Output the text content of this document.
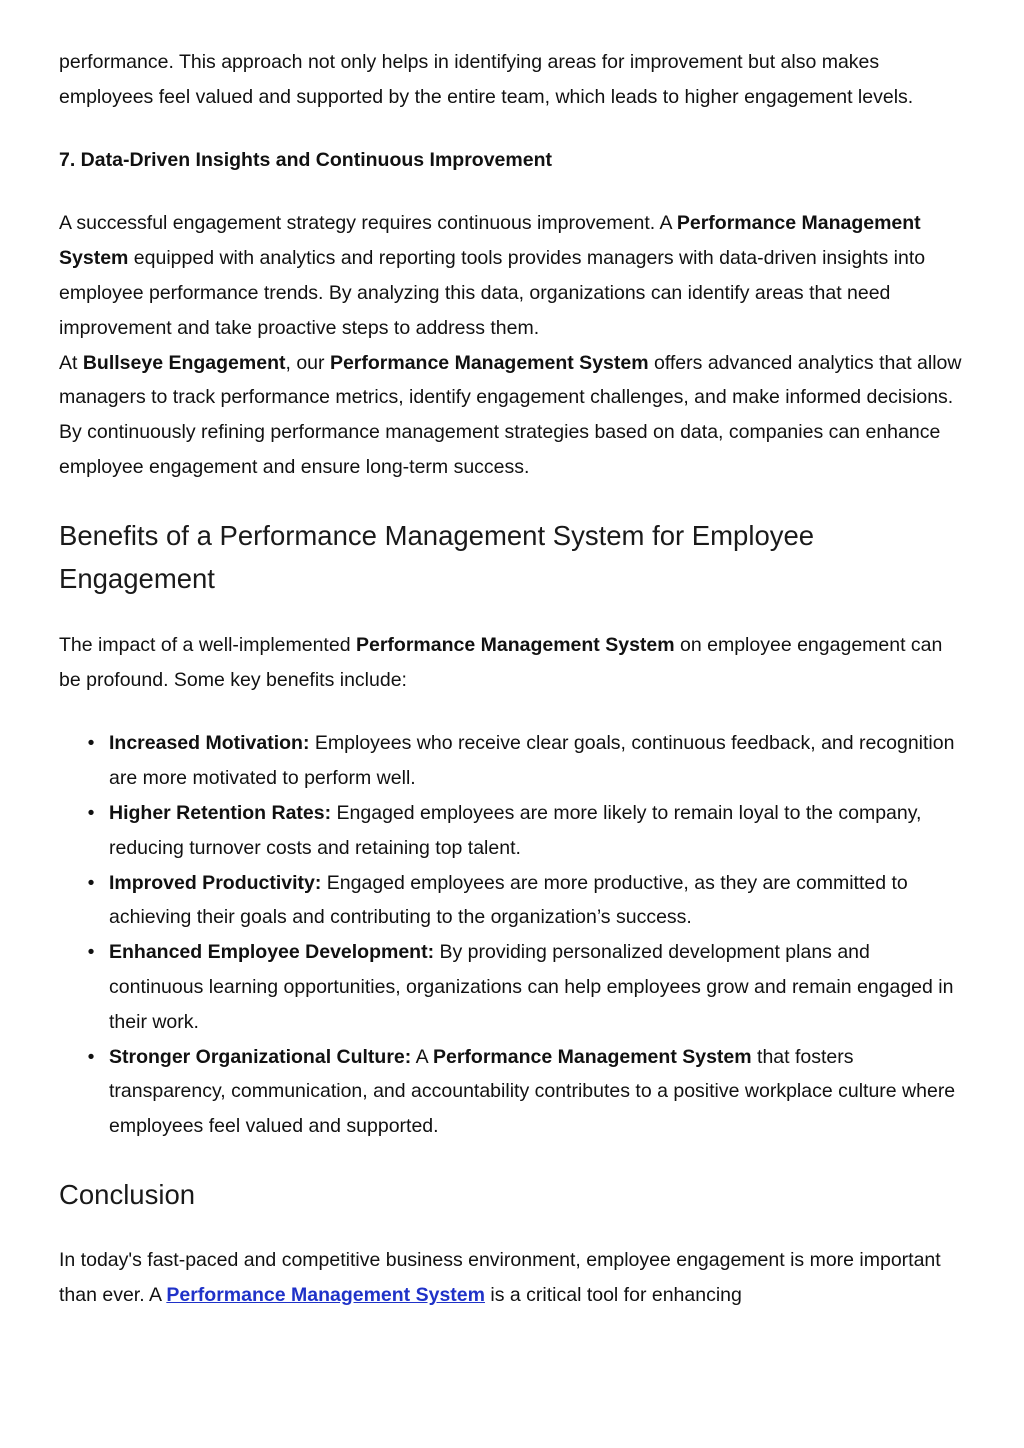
performance. This approach not only helps in identifying areas for improvement but also makes employees feel valued and supported by the entire team, which leads to higher engagement levels.

7. Data-Driven Insights and Continuous Improvement

A successful engagement strategy requires continuous improvement. A Performance Management System equipped with analytics and reporting tools provides managers with data-driven insights into employee performance trends. By analyzing this data, organizations can identify areas that need improvement and take proactive steps to address them.

At Bullseye Engagement, our Performance Management System offers advanced analytics that allow managers to track performance metrics, identify engagement challenges, and make informed decisions. By continuously refining performance management strategies based on data, companies can enhance employee engagement and ensure long-term success.

Benefits of a Performance Management System for Employee Engagement

The impact of a well-implemented Performance Management System on employee engagement can be profound. Some key benefits include:

• Increased Motivation: Employees who receive clear goals, continuous feedback, and recognition are more motivated to perform well.
• Higher Retention Rates: Engaged employees are more likely to remain loyal to the company, reducing turnover costs and retaining top talent.
• Improved Productivity: Engaged employees are more productive, as they are committed to achieving their goals and contributing to the organization’s success.
• Enhanced Employee Development: By providing personalized development plans and continuous learning opportunities, organizations can help employees grow and remain engaged in their work.
• Stronger Organizational Culture: A Performance Management System that fosters transparency, communication, and accountability contributes to a positive workplace culture where employees feel valued and supported.
Conclusion

In today's fast-paced and competitive business environment, employee engagement is more important than ever. A Performance Management System is a critical tool for enhancing
